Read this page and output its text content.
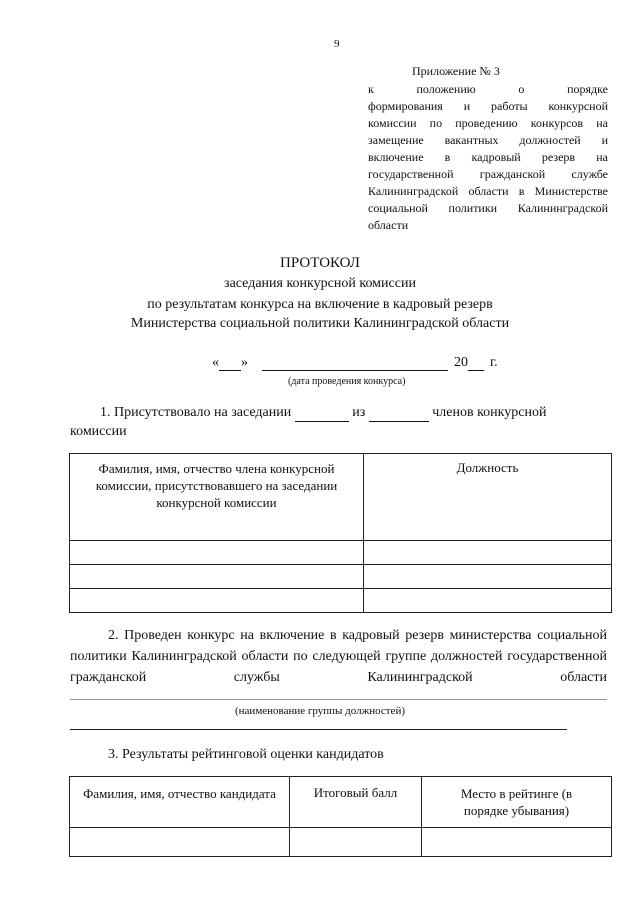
9
Приложение № 3
к положению о порядке
формирования и работы конкурсной
комиссии по проведению конкурсов на
замещение вакантных должностей и
включение в кадровый резерв на
государственной гражданской службе
Калининградской области в Министерстве
социальной политики Калининградской
области
ПРОТОКОЛ
заседания конкурсной комиссии
по результатам конкурса на включение в кадровый резерв
Министерства социальной политики Калининградской области
« »	20 г.
(дата проведения конкурса)
1. Присутствовало на заседании	из	членов конкурсной комиссии
Фамилия, имя, отчество члена конкурсной комиссии, присутствовавшего на заседании конкурсной комиссии	Должность

2. Проведен конкурс на включение в кадровый резерв министерства социальной политики Калининградской области по следующей группе должностей государственной гражданской службы Калининградской области
(наименование группы должностей)
3. Результаты рейтинговой оценки кандидатов
Фамилия, имя, отчество кандидата	Итоговый балл	Место в рейтинге (в порядке убывания)
